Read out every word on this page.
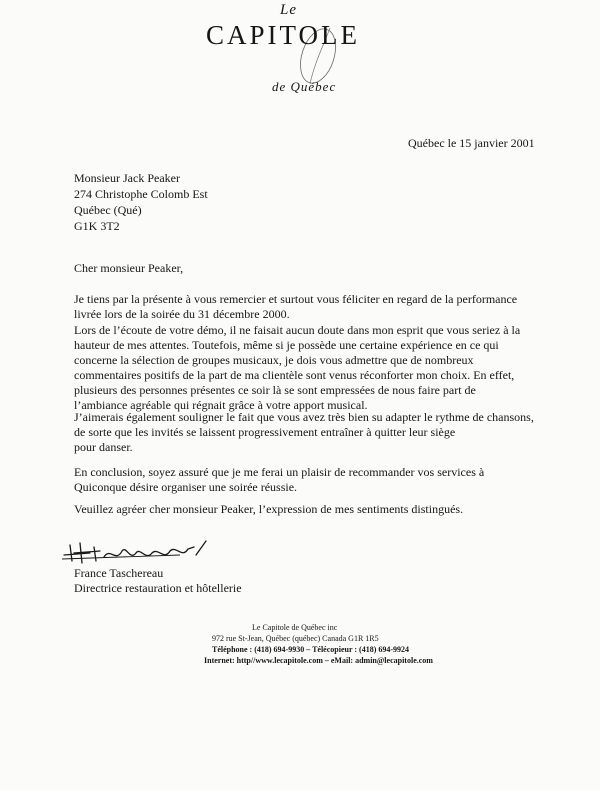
Le
CAPITOLE
de Québec
Québec le 15 janvier 2001
Monsieur Jack Peaker
274 Christophe Colomb Est
Québec (Qué)
G1K 3T2
Cher monsieur Peaker,
Je tiens par la présente à vous remercier et surtout vous féliciter en regard de la performance
livrée lors de la soirée du 31 décembre 2000.
Lors de l’écoute de votre démo, il ne faisait aucun doute dans mon esprit que vous seriez à la
hauteur de mes attentes. Toutefois, même si je possède une certaine expérience en ce qui
concerne la sélection de groupes musicaux, je dois vous admettre que de nombreux
commentaires positifs de la part de ma clientèle sont venus réconforter mon choix. En effet,
plusieurs des personnes présentes ce soir là se sont empressées de nous faire part de
l’ambiance agréable qui régnait grâce à votre apport musical.
J’aimerais également souligner le fait que vous avez très bien su adapter le rythme de chansons,
de sorte que les invités se laissent progressivement entraîner à quitter leur siège
pour danser.
En conclusion, soyez assuré que je me ferai un plaisir de recommander vos services à
Quiconque désire organiser une soirée réussie.
Veuillez agréer cher monsieur Peaker, l’expression de mes sentiments distingués.
France Taschereau
Directrice restauration et hôtellerie
Le Capitole de Québec inc
972 rue St-Jean, Québec (québec) Canada G1R 1R5
Téléphone : (418) 694-9930 – Télécopieur : (418) 694-9924
Internet: http//www.lecapitole.com – eMail: admin@lecapitole.com
